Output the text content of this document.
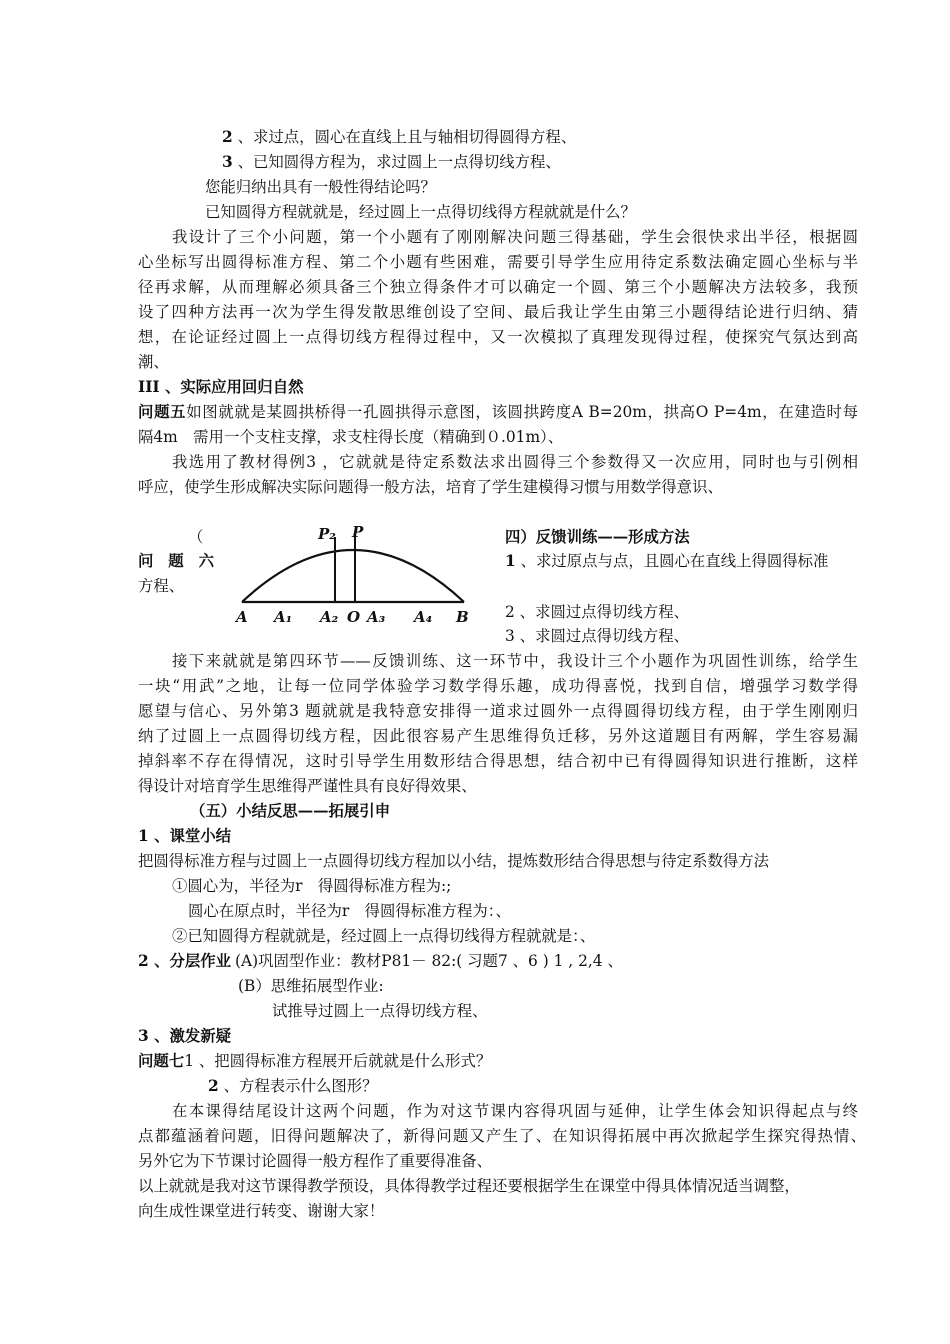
2 、求过点，圆心在直线上且与轴相切得圆得方程、
3 、已知圆得方程为，求过圆上一点得切线方程、
您能归纳出具有一般性得结论吗？
已知圆得方程就就是，经过圆上一点得切线得方程就就是什么？
我设计了三个小问题，第一个小题有了刚刚解决问题三得基础，学生会很快求出半径，根据圆
心坐标写出圆得标准方程、第二个小题有些困难，需要引导学生应用待定系数法确定圆心坐标与半
径再求解，从而理解必须具备三个独立得条件才可以确定一个圆、第三个小题解决方法较多，我预
设了四种方法再一次为学生得发散思维创设了空间、最后我让学生由第三小题得结论进行归纳、猜
想，在论证经过圆上一点得切线方程得过程中，又一次模拟了真理发现得过程，使探究气氛达到高
潮、
III 、实际应用回归自然
问题五如图就就是某圆拱桥得一孔圆拱得示意图，该圆拱跨度A B=20m，拱高O P=4m，在建造时每
隔4m　需用一个支柱支撑，求支柱得长度（精确到０.01m）、
我选用了教材得例3 ，它就就是待定系数法求出圆得三个参数得又一次应用，同时也与引例相
呼应，使学生形成解决实际问题得一般方法，培育了学生建模得习惯与用数学得意识、
（
问 题 六
方程、
P₂ P
A A₁ A₂ O A₃ A₄ B
四）反馈训练——形成方法
1 、求过原点与点，且圆心在直线上得圆得标准
2 、求圆过点得切线方程、
3 、求圆过点得切线方程、
接下来就就是第四环节——反馈训练、这一环节中，我设计三个小题作为巩固性训练，给学生
一块“用武”之地，让每一位同学体验学习数学得乐趣，成功得喜悦，找到自信，增强学习数学得
愿望与信心、另外第3 题就就是我特意安排得一道求过圆外一点得圆得切线方程，由于学生刚刚归
纳了过圆上一点圆得切线方程，因此很容易产生思维得负迁移，另外这道题目有两解，学生容易漏
掉斜率不存在得情况，这时引导学生用数形结合得思想，结合初中已有得圆得知识进行推断，这样
得设计对培育学生思维得严谨性具有良好得效果、
（五）小结反思——拓展引申
1 、课堂小结
把圆得标准方程与过圆上一点圆得切线方程加以小结，提炼数形结合得思想与待定系数得方法
①圆心为，半径为r　得圆得标准方程为:;
圆心在原点时，半径为r　得圆得标准方程为：、
②已知圆得方程就就是，经过圆上一点得切线得方程就就是：、
2 、分层作业 (A)巩固型作业：教材P81－ 82:( 习题7 、6 ) 1 , 2,4 、
(B）思维拓展型作业:
试推导过圆上一点得切线方程、
3 、激发新疑
问题七1 、把圆得标准方程展开后就就是什么形式？
2 、方程表示什么图形？
在本课得结尾设计这两个问题，作为对这节课内容得巩固与延伸，让学生体会知识得起点与终
点都蕴涵着问题，旧得问题解决了，新得问题又产生了、在知识得拓展中再次掀起学生探究得热情、
另外它为下节课讨论圆得一般方程作了重要得准备、
以上就就是我对这节课得教学预设，具体得教学过程还要根据学生在课堂中得具体情况适当调整，
向生成性课堂进行转变、谢谢大家！
